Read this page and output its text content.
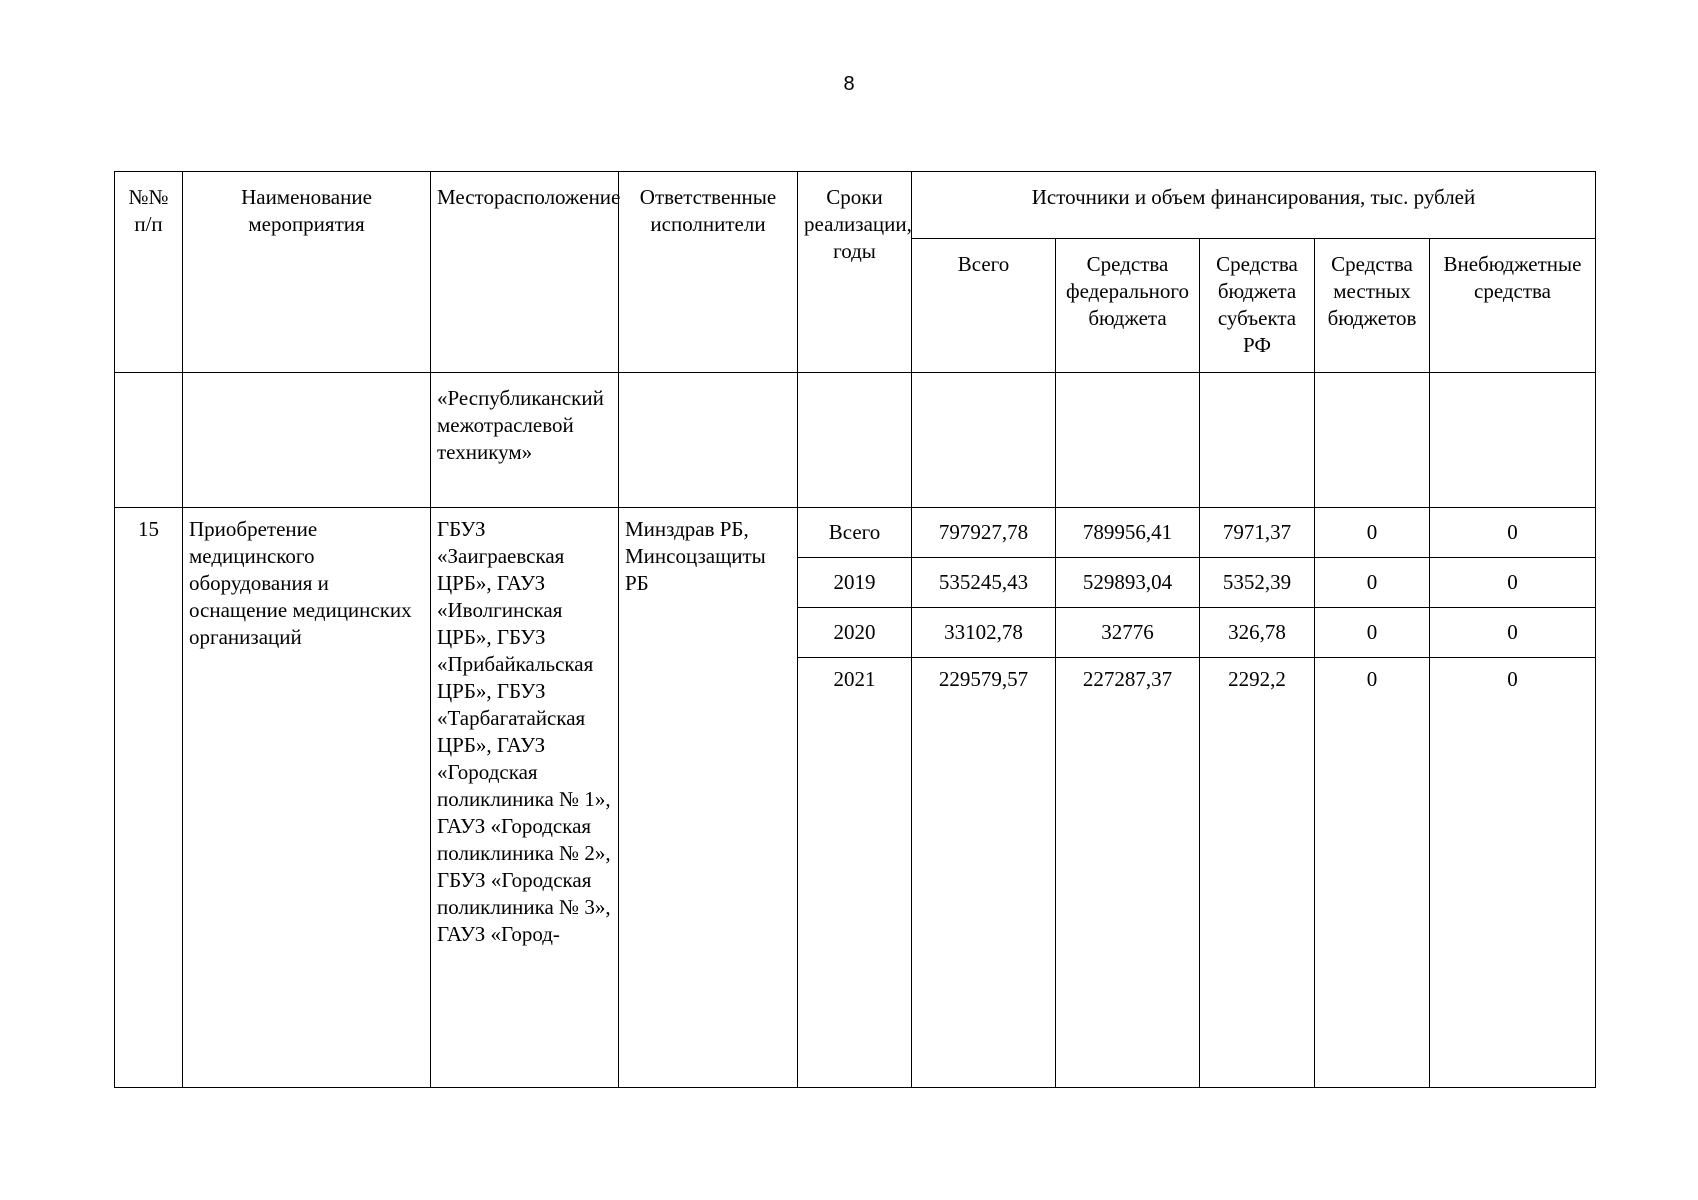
8
№№ п/п	Наименование мероприятия	Месторасположение	Ответственные исполнители	Сроки реализации, годы	Источники и объем финансирования, тыс. рублей				
					Всего	Средства федерального бюджета	Средства бюджета субъекта РФ	Средства местных бюджетов	Внебюджетные средства
		«Республиканский межотраслевой техникум»							
15	Приобретение медицинского оборудования и оснащение медицинских организаций	ГБУЗ «Заиграевская ЦРБ», ГАУЗ «Иволгинская ЦРБ», ГБУЗ «Прибайкальская ЦРБ», ГБУЗ «Тарбагатайская ЦРБ», ГАУЗ «Городская поликлиника № 1», ГАУЗ «Городская поликлиника № 2», ГБУЗ «Городская поликлиника № 3», ГАУЗ «Город-	Минздрав РБ, Минсоцзащиты РБ	Всего	797927,78	789956,41	7971,37	0	0
				2019	535245,43	529893,04	5352,39	0	0
				2020	33102,78	32776	326,78	0	0
				2021	229579,57	227287,37	2292,2	0	0
